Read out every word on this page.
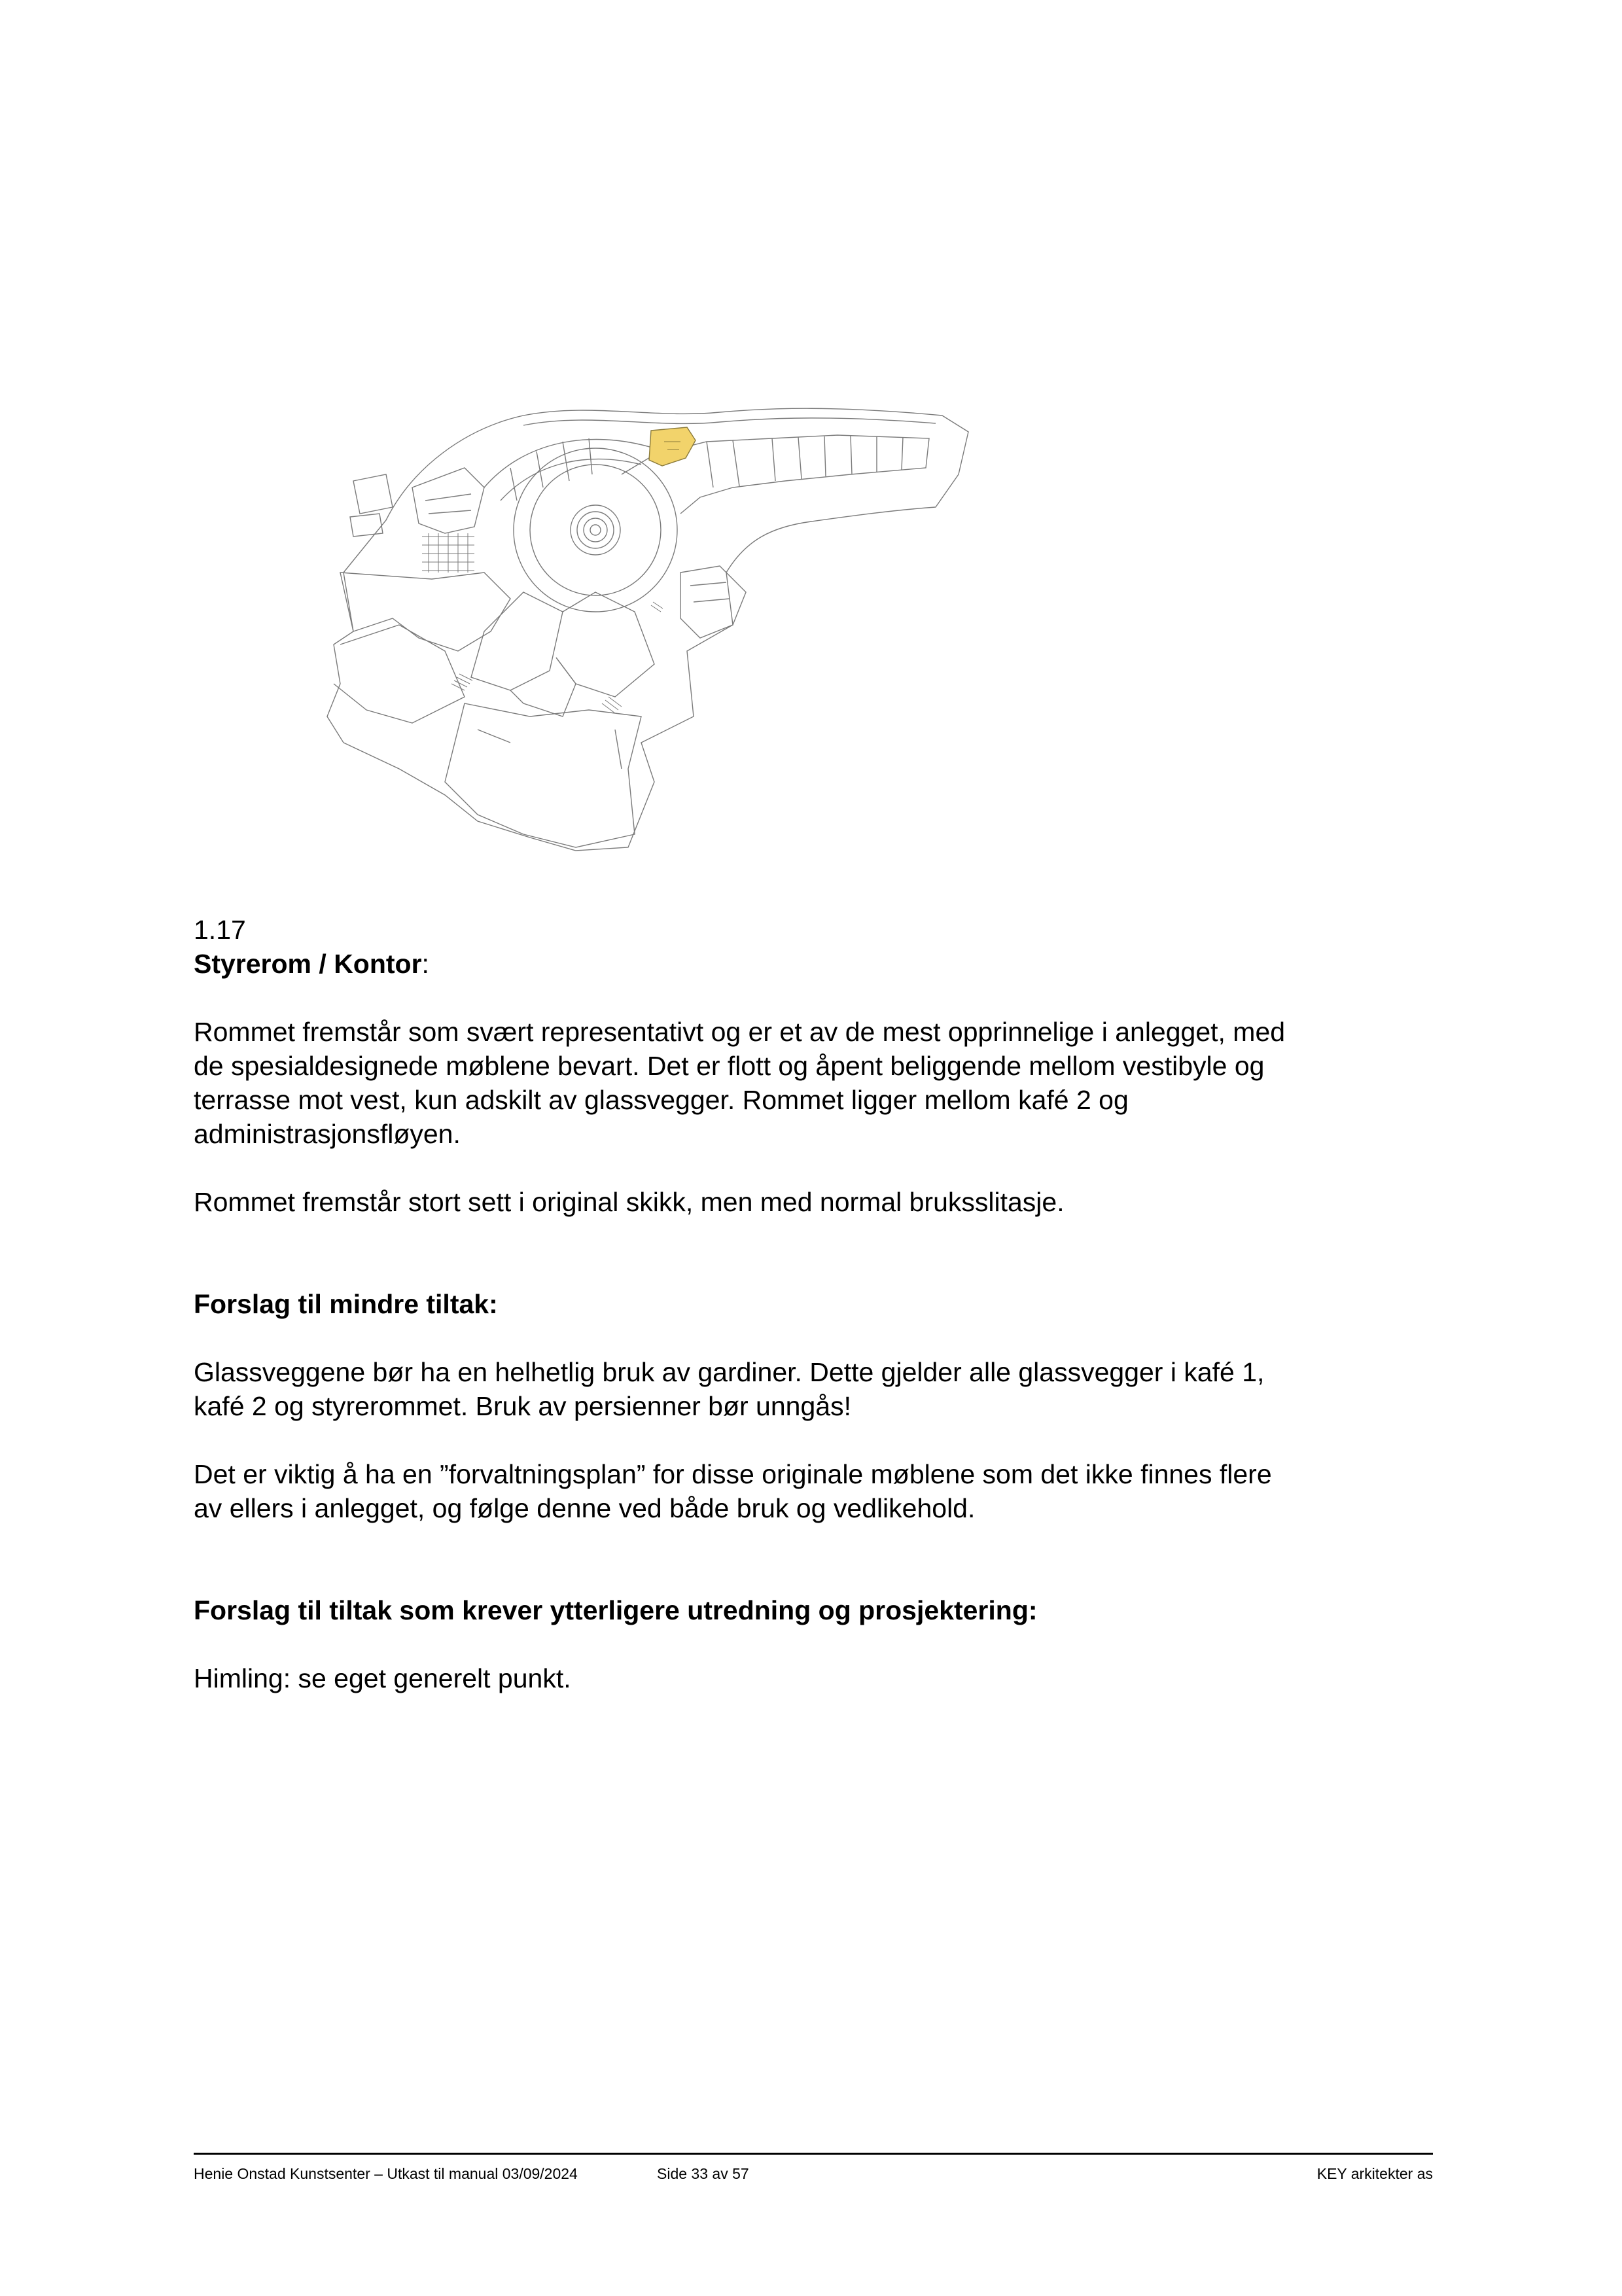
1.17

Styrerom / Kontor:

Rommet fremstår som svært representativt og er et av de mest opprinnelige i anlegget, med

de spesialdesignede møblene bevart. Det er flott og åpent beliggende mellom vestibyle og

terrasse mot vest, kun adskilt av glassvegger. Rommet ligger mellom kafé 2 og

administrasjonsfløyen.

Rommet fremstår stort sett i original skikk, men med normal bruksslitasje.

Forslag til mindre tiltak:

Glassveggene bør ha en helhetlig bruk av gardiner. Dette gjelder alle glassvegger i kafé 1,

kafé 2 og styrerommet. Bruk av persienner bør unngås!

Det er viktig å ha en ”forvaltningsplan” for disse originale møblene som det ikke finnes flere

av ellers i anlegget, og følge denne ved både bruk og vedlikehold.

Forslag til tiltak som krever ytterligere utredning og prosjektering:

Himling: se eget generelt punkt.

Henie Onstad Kunstsenter – Utkast til manual 03/09/2024	Side 33 av 57	KEY arkitekter as
